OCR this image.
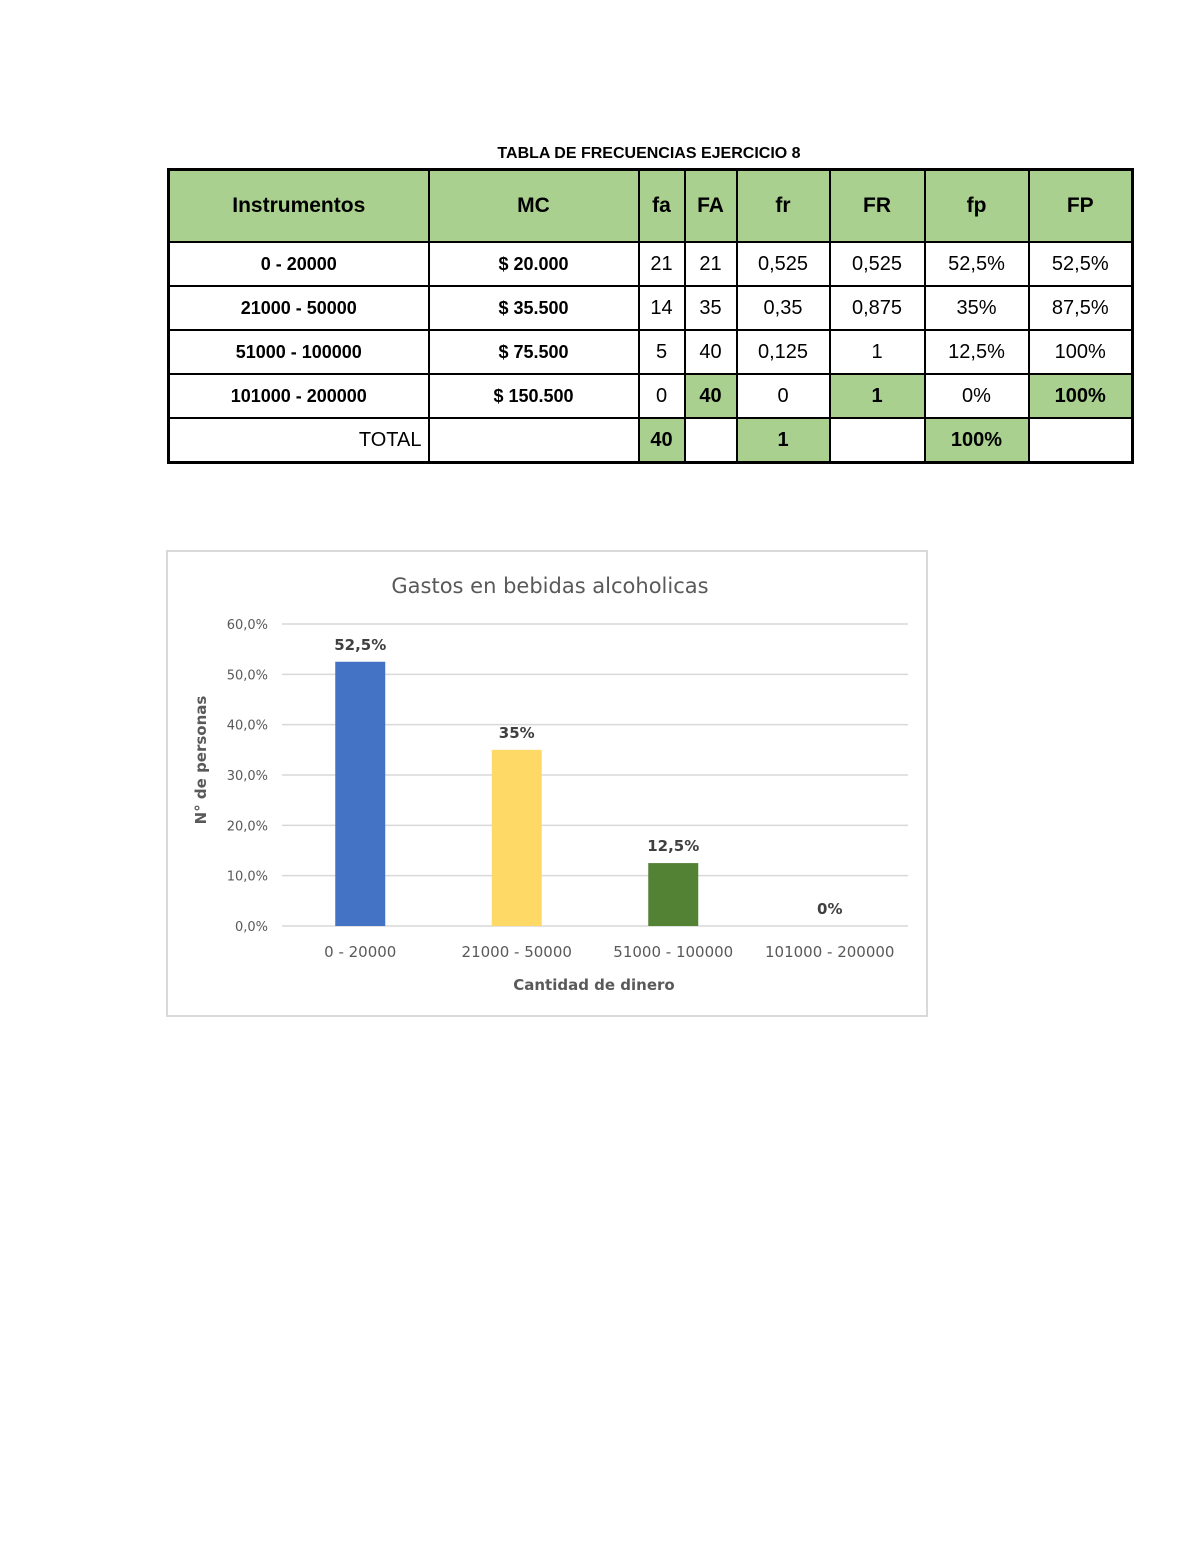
TABLA DE FRECUENCIAS EJERCICIO 8
Instrumentos	MC	fa	FA	fr	FR	fp	FP
0 - 20000	$ 20.000	21	21	0,525	0,525	52,5%	52,5%
21000 - 50000	$ 35.500	14	35	0,35	0,875	35%	87,5%
51000 - 100000	$ 75.500	5	40	0,125	1	12,5%	100%
101000 - 200000	$ 150.500	0	40	0	1	0%	100%
TOTAL		40		1		100%	
Gastos en bebidas alcoholicas
52,5%
35%
12,5%
0%
0,0%
10,0%
20,0%
30,0%
40,0%
50,0%
60,0%
0 - 20000	21000 - 50000	51000 - 100000 101000 - 200000
Cantidad de dinero
N° de personas
